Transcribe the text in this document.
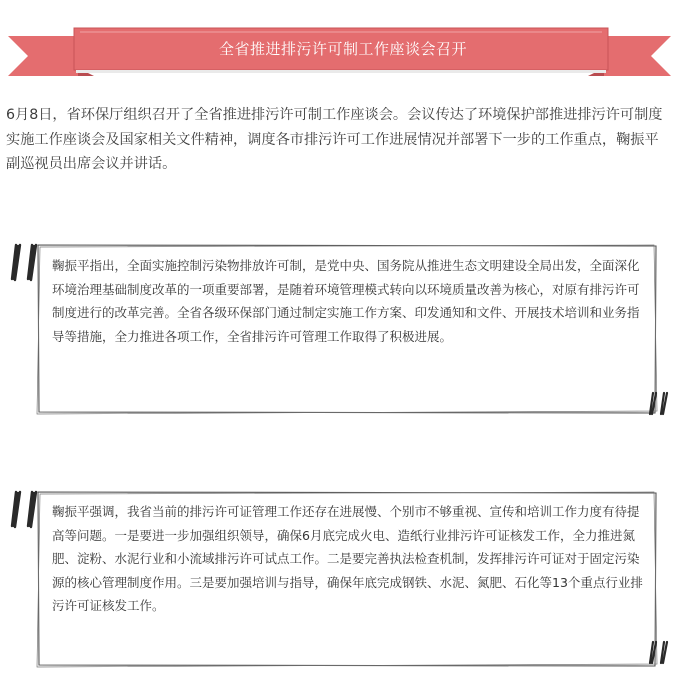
全省推进排污许可制工作座谈会召开

6月8日，省环保厅组织召开了全省推进排污许可制工作座谈会。会议传达了环境保护部推进排污许可制度实施工作座谈会及国家相关文件精神，调度各市排污许可工作进展情况并部署下一步的工作重点，鞠振平副巡视员出席会议并讲话。

鞠振平指出，全面实施控制污染物排放许可制，是党中央、国务院从推进生态文明建设全局出发，全面深化环境治理基础制度改革的一项重要部署，是随着环境管理模式转向以环境质量改善为核心，对原有排污许可制度进行的改革完善。全省各级环保部门通过制定实施工作方案、印发通知和文件、开展技术培训和业务指导等措施，全力推进各项工作，全省排污许可管理工作取得了积极进展。

鞠振平强调，我省当前的排污许可证管理工作还存在进展慢、个别市不够重视、宣传和培训工作力度有待提高等问题。一是要进一步加强组织领导，确保6月底完成火电、造纸行业排污许可证核发工作，全力推进氮肥、淀粉、水泥行业和小流域排污许可试点工作。二是要完善执法检查机制，发挥排污许可证对于固定污染源的核心管理制度作用。三是要加强培训与指导，确保年底完成钢铁、水泥、氮肥、石化等13个重点行业排污许可证核发工作。
